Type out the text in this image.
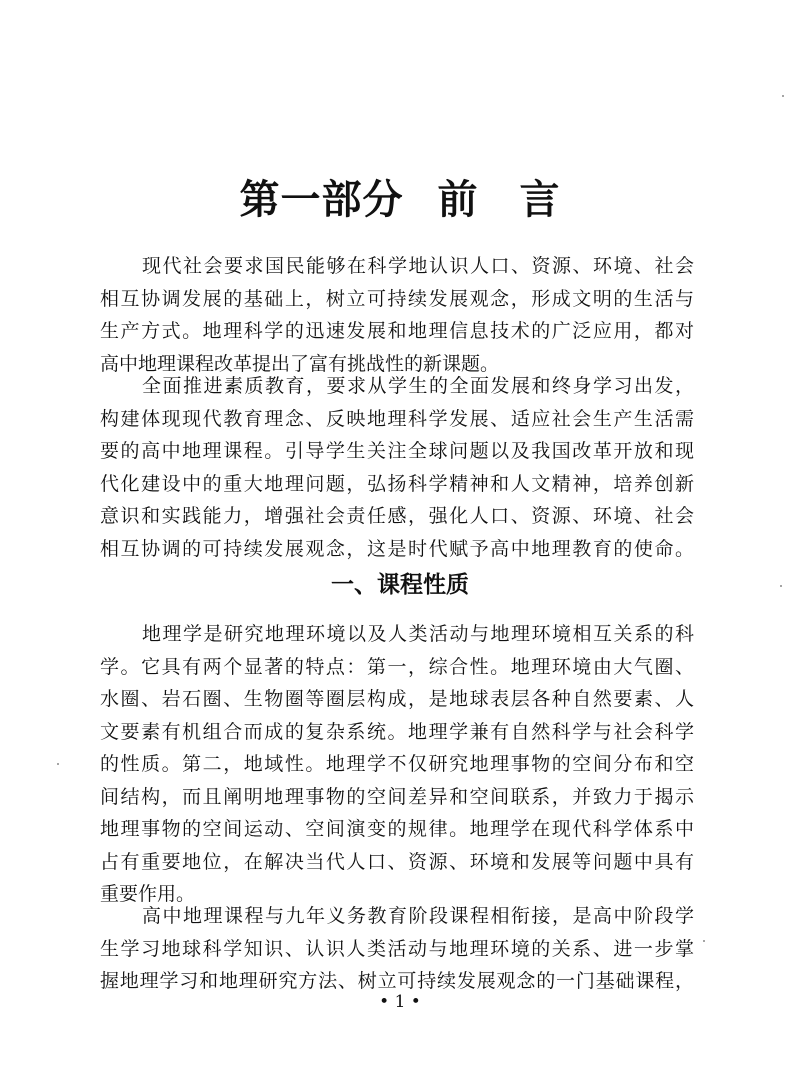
第一部分 前　言
现代社会要求国民能够在科学地认识人口、资源、环境、社会
相互协调发展的基础上，树立可持续发展观念，形成文明的生活与
生产方式。地理科学的迅速发展和地理信息技术的广泛应用，都对
高中地理课程改革提出了富有挑战性的新课题。
全面推进素质教育，要求从学生的全面发展和终身学习出发，
构建体现现代教育理念、反映地理科学发展、适应社会生产生活需
要的高中地理课程。引导学生关注全球问题以及我国改革开放和现
代化建设中的重大地理问题，弘扬科学精神和人文精神，培养创新
意识和实践能力，增强社会责任感，强化人口、资源、环境、社会
相互协调的可持续发展观念，这是时代赋予高中地理教育的使命。
一、课程性质
地理学是研究地理环境以及人类活动与地理环境相互关系的科
学。它具有两个显著的特点：第一，综合性。地理环境由大气圈、
水圈、岩石圈、生物圈等圈层构成，是地球表层各种自然要素、人
文要素有机组合而成的复杂系统。地理学兼有自然科学与社会科学
的性质。第二，地域性。地理学不仅研究地理事物的空间分布和空
间结构，而且阐明地理事物的空间差异和空间联系，并致力于揭示
地理事物的空间运动、空间演变的规律。地理学在现代科学体系中
占有重要地位，在解决当代人口、资源、环境和发展等问题中具有
重要作用。
高中地理课程与九年义务教育阶段课程相衔接，是高中阶段学
生学习地球科学知识、认识人类活动与地理环境的关系、进一步掌
握地理学习和地理研究方法、树立可持续发展观念的一门基础课程，
• 1 •
